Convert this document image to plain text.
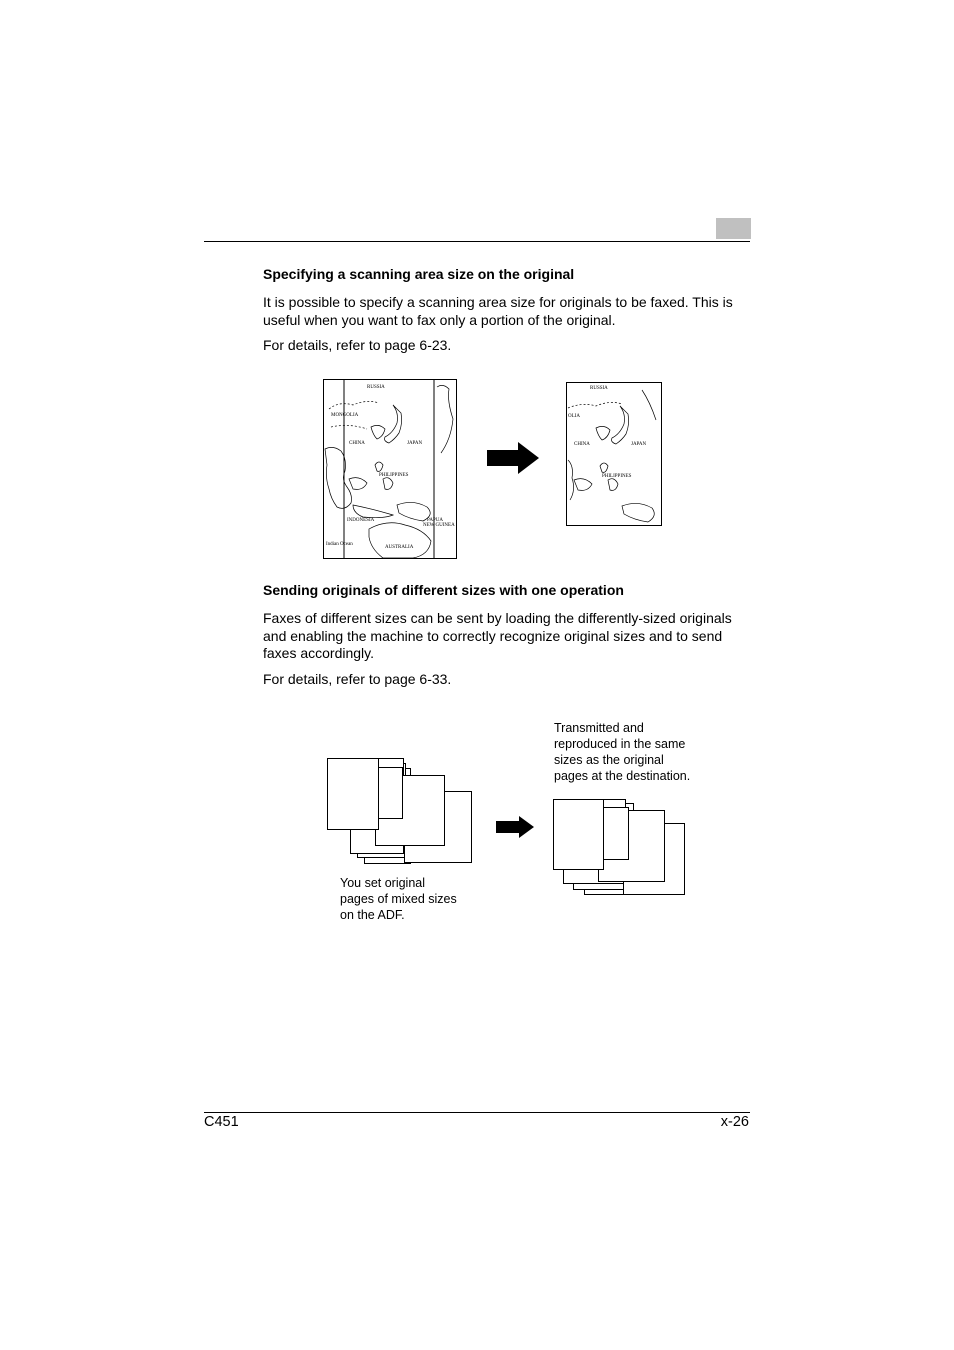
Specifying a scanning area size on the original
It is possible to specify a scanning area size for originals to be faxed. This is
useful when you want to fax only a portion of the original.
For details, refer to page 6-23.
RUSSIA
MONGOLIA
CHINA	JAPAN
PHILIPPINES
INDONESIA	PAPUA
NEW GUINEA
Indian Ocean
AUSTRALIA
RUSSIA
OLIA
CHINA	JAPAN
PHILIPPINES
Sending originals of different sizes with one operation
Faxes of different sizes can be sent by loading the differently-sized originals
and enabling the machine to correctly recognize original sizes and to send
faxes accordingly.
For details, refer to page 6-33.
Transmitted and
reproduced in the same
sizes as the original
pages at the destination.
You set original
pages of mixed sizes
on the ADF.
C451	x-26
